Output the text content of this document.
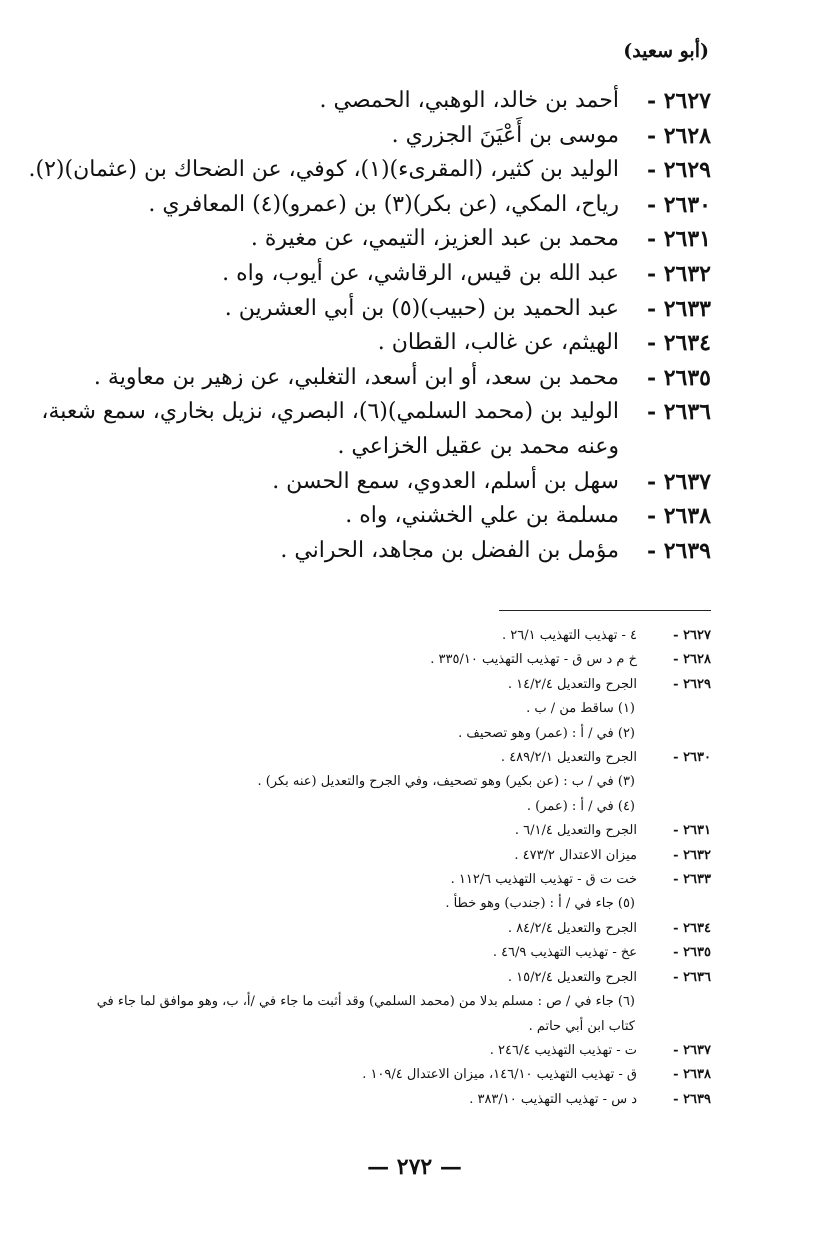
(أبو سعيد)
٢٦٢٧ -
أحمد بن خالد، الوهبي، الحمصي .
٢٦٢٨ -
موسى بن أَعْيَنَ الجزري .
٢٦٢٩ -
الوليد بن كثير، (المقرىء)(١)، كوفي، عن الضحاك بن (عثمان)(٢).
٢٦٣٠ -
رياح، المكي، (عن بكر)(٣) بن (عمرو)(٤) المعافري .
٢٦٣١ -
محمد بن عبد العزيز، التيمي، عن مغيرة .
٢٦٣٢ -
عبد الله بن قيس، الرقاشي، عن أيوب، واه .
٢٦٣٣ -
عبد الحميد بن (حبيب)(٥) بن أبي العشرين .
٢٦٣٤ -
الهيثم، عن غالب، القطان .
٢٦٣٥ -
محمد بن سعد، أو ابن أسعد، التغلبي، عن زهير بن معاوية .
٢٦٣٦ -
الوليد بن (محمد السلمي)(٦)، البصري، نزيل بخاري، سمع شعبة،
وعنه محمد بن عقيل الخزاعي .
٢٦٣٧ -
سهل بن أسلم، العدوي، سمع الحسن .
٢٦٣٨ -
مسلمة بن علي الخشني، واه .
٢٦٣٩ -
مؤمل بن الفضل بن مجاهد، الحراني .
٢٦٢٧ -
٤ - تهذيب التهذيب ٢٦/١ .
٢٦٢٨ -
خ م د س ق - تهذيب التهذيب ٣٣٥/١٠ .
٢٦٢٩ -
الجرح والتعديل ١٤/٢/٤ .
(١) ساقط من / ب .
(٢) في / أ : (عمر) وهو تصحيف .
٢٦٣٠ -
الجرح والتعديل ٤٨٩/٢/١ .
(٣) في / ب : (عن بكير) وهو تصحيف، وفي الجرح والتعديل (عنه بكر) .
(٤) في / أ : (عمر) .
٢٦٣١ -
الجرح والتعديل ٦/١/٤ .
٢٦٣٢ -
ميزان الاعتدال ٤٧٣/٢ .
٢٦٣٣ -
خت ت ق - تهذيب التهذيب ١١٢/٦ .
(٥) جاء في / أ : (جندب) وهو خطأ .
٢٦٣٤ -
الجرح والتعديل ٨٤/٢/٤ .
٢٦٣٥ -
عخ - تهذيب التهذيب ٤٦/٩ .
٢٦٣٦ -
الجرح والتعديل ١٥/٢/٤ .
(٦) جاء في / ص : مسلم بدلا من (محمد السلمي) وقد أثبت ما جاء في /أ، ب، وهو موافق لما جاء في
كتاب ابن أبي حاتم .
٢٦٣٧ -
ت - تهذيب التهذيب ٢٤٦/٤ .
٢٦٣٨ -
ق - تهذيب التهذيب ١٤٦/١٠، ميزان الاعتدال ١٠٩/٤ .
٢٦٣٩ -
د س - تهذيب التهذيب ٣٨٣/١٠ .
— ٢٧٢ —
